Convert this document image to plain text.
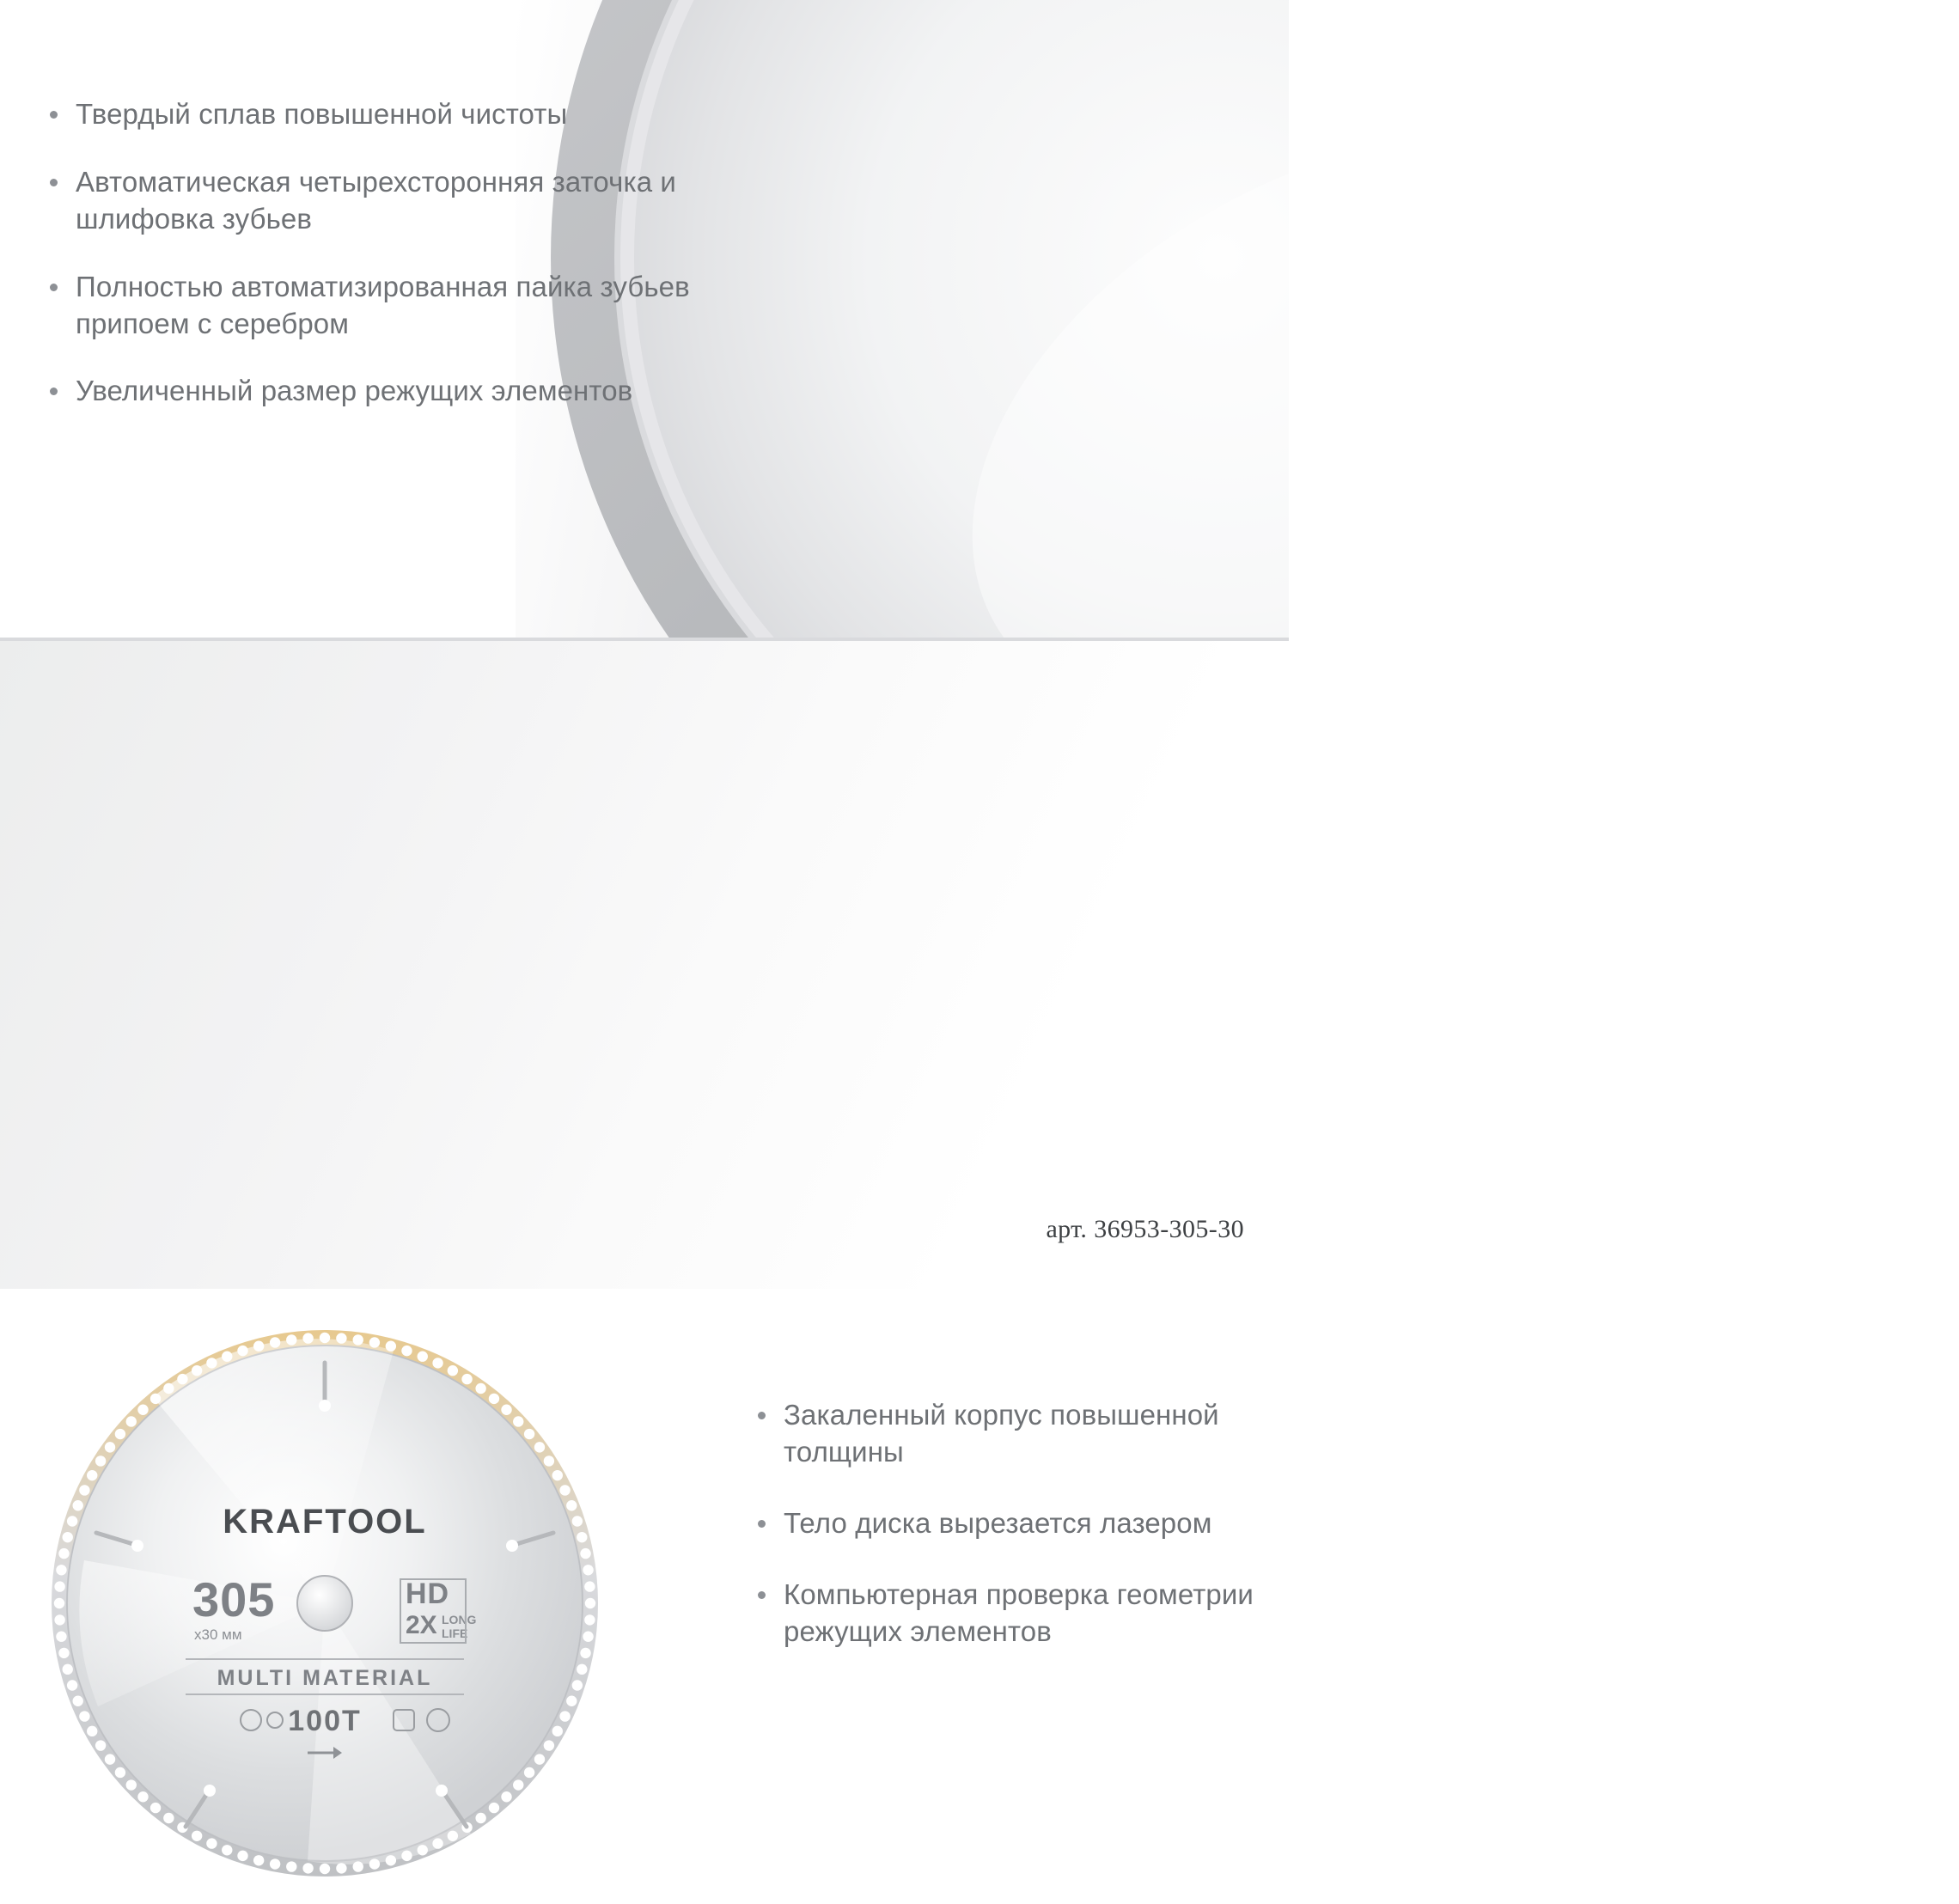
Твердый сплав повышенной чистоты
Автоматическая четырехсторонняя заточка и шлифовка зубьев
Полностью автоматизированная пайка зубьев припоем с серебром
Увеличенный размер режущих элементов
KRAFTOOL
305
x30 мм
HD
2X LONG
LIFE
MULTI MATERIAL
100T
Закаленный корпус повышенной толщины
Тело диска вырезается лазером
Компьютерная проверка геометрии режущих элементов
арт. 36953-305-30
